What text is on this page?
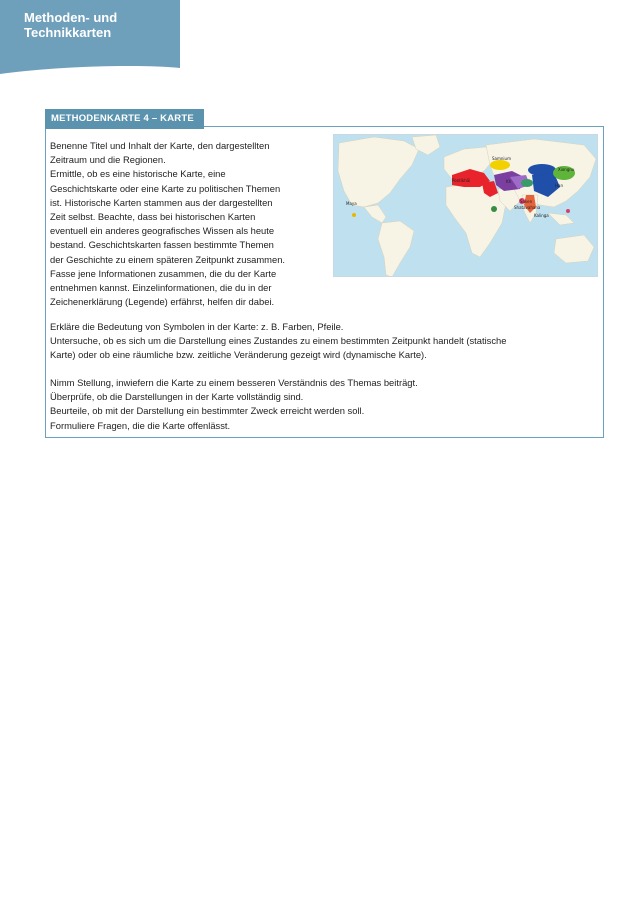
Methoden- und
Technikkarten
METHODENKARTE 4 – KARTE

Benenne Titel und Inhalt der Karte, den dargestellten

Zeitraum und die Regionen.

Ermittle, ob es eine historische Karte, eine

Geschichtskarte oder eine Karte zu politischen Themen

ist. Historische Karten stammen aus der dargestellten

Zeit selbst. Beachte, dass bei historischen Karten

eventuell ein anderes geografisches Wissen als heute

bestand. Geschichtskarten fassen bestimmte Themen

der Geschichte zu einem späteren Zeitpunkt zusammen.

Fasse jene Informationen zusammen, die du der Karte

entnehmen kannst. Einzelinformationen, die du in der

Zeichenerklärung (Legende) erfährst, helfen dir dabei.

Erkläre die Bedeutung von Symbolen in der Karte: z. B. Farben, Pfeile.

Untersuche, ob es sich um die Darstellung eines Zustandes zu einem bestimmten Zeitpunkt handelt (statische

Karte) oder ob eine räumliche bzw. zeitliche Veränderung gezeigt wird (dynamische Karte).

Nimm Stellung, inwiefern die Karte zu einem besseren Verständnis des Themas beiträgt.

Überprüfe, ob die Darstellungen in der Karte vollständig sind.

Beurteile, ob mit der Darstellung ein bestimmter Zweck erreicht werden soll.

Formuliere Fragen, die die Karte offenlässt.

Maya
Samnium
Xiongnu
Han
Kalinga
Shatavahana
Saken
Pontikhäi	Kh
